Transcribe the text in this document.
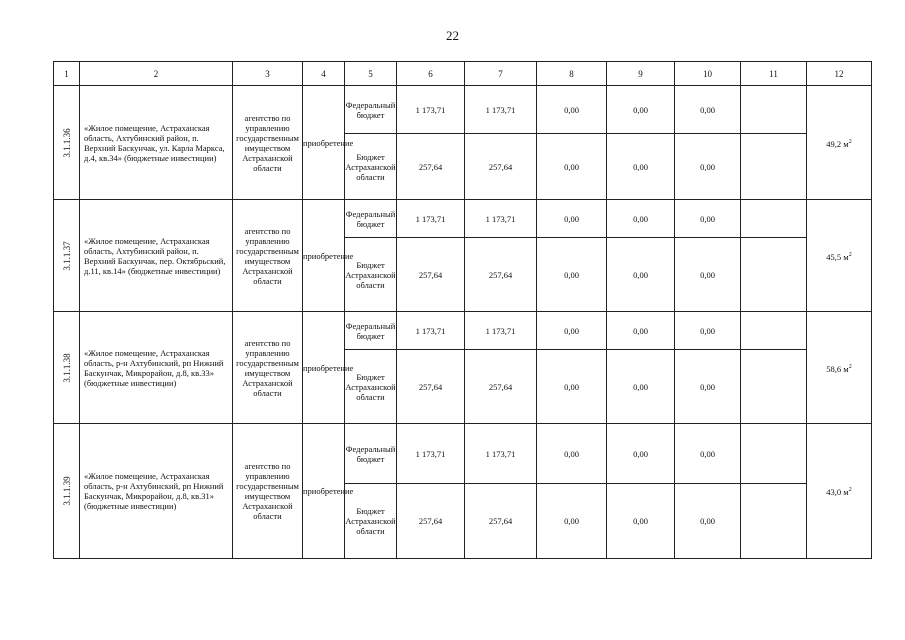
22
1	2	3	4	5	6	7	8	9	10	11	12

3.1.1.36	«Жилое помещение, Астраханская область, Ахтубинский район, п. Верхний Баскунчак, ул. Карла Маркса, д.4, кв.34» (бюджетные инвестиции)	агентство по управлению государственным имуществом Астраханской области	приобретение	Федеральный бюджет	1 173,71	1 173,71	0,00	0,00	0,00		49,2 $м^2$
				Бюджет Астраханской области	257,64	257,64	0,00	0,00	0,00		

3.1.1.37	«Жилое помещение, Астраханская область, Ахтубинский район, п. Верхний Баскунчак, пер. Октябрьский, д.11, кв.14» (бюджетные инвестиции)	агентство по управлению государственным имуществом Астраханской области	приобретение	Федеральный бюджет	1 173,71	1 173,71	0,00	0,00	0,00		45,5 $м^2$
				Бюджет Астраханской области	257,64	257,64	0,00	0,00	0,00		

3.1.1.38	«Жилое помещение, Астраханская область, р-н Ахтубинский, рп Нижний Баскунчак, Микрорайон, д.8, кв.33» (бюджетные инвестиции)	агентство по управлению государственным имуществом Астраханской области	приобретение	Федеральный бюджет	1 173,71	1 173,71	0,00	0,00	0,00		58,6 $м^2$
				Бюджет Астраханской области	257,64	257,64	0,00	0,00	0,00		

3.1.1.39	«Жилое помещение, Астраханская область, р-н Ахтубинский, рп Нижний Баскунчак, Микрорайон, д.8, кв.31» (бюджетные инвестиции)	агентство по управлению государственным имуществом Астраханской области	приобретение	Федеральный бюджет	1 173,71	1 173,71	0,00	0,00	0,00		43,0 $м^2$
				Бюджет Астраханской области	257,64	257,64	0,00	0,00	0,00		
